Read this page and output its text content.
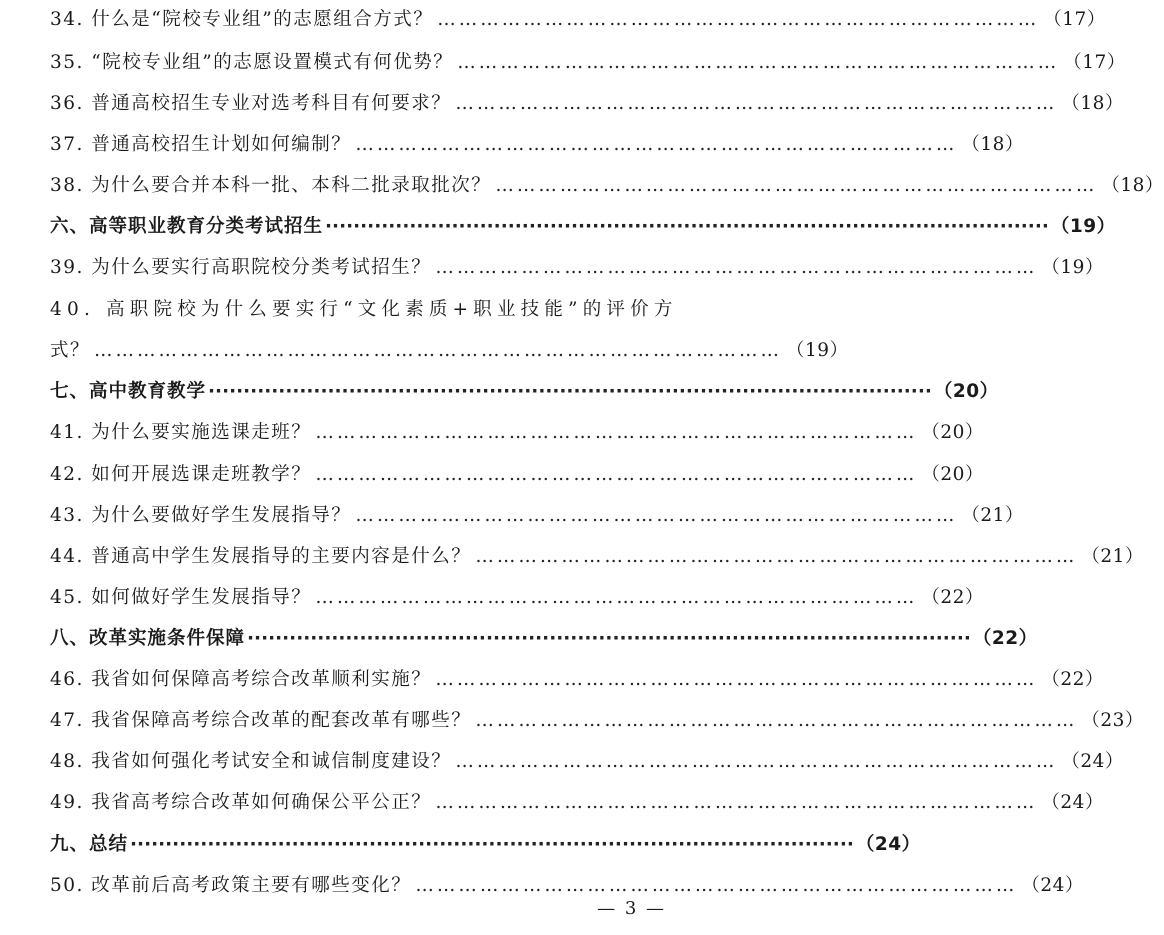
34. 什么是“院校专业组”的志愿组合方式？ ………………………………………………………………………… （17）
35. “院校专业组”的志愿设置模式有何优势？ ………………………………………………………………………… （17）
36. 普通高校招生专业对选考科目有何要求？ ………………………………………………………………………… （18）
37. 普通高校招生计划如何编制？ ………………………………………………………………………… （18）
38. 为什么要合并本科一批、本科二批录取批次？ ………………………………………………………………………… （18）
六、高等职业教育分类考试招生 ······································································································· （19）
39. 为什么要实行高职院校分类考试招生？ ………………………………………………………………………… （19）
40. 高职院校为什么要实行“文化素质+职业技能”的评价方
式？ …………………………………………………………………………………… （19）
七、高中教育教学 ······································································································· （20）
41. 为什么要实施选课走班？ ………………………………………………………………………… （20）
42. 如何开展选课走班教学？ ………………………………………………………………………… （20）
43. 为什么要做好学生发展指导？ ………………………………………………………………………… （21）
44. 普通高中学生发展指导的主要内容是什么？ ………………………………………………………………………… （21）
45. 如何做好学生发展指导？ ………………………………………………………………………… （22）
八、改革实施条件保障 ······································································································· （22）
46. 我省如何保障高考综合改革顺利实施？ ………………………………………………………………………… （22）
47. 我省保障高考综合改革的配套改革有哪些？ ………………………………………………………………………… （23）
48. 我省如何强化考试安全和诚信制度建设？ ………………………………………………………………………… （24）
49. 我省高考综合改革如何确保公平公正？ ………………………………………………………………………… （24）
九、总结 ······································································································· （24）
50. 改革前后高考政策主要有哪些变化？ ………………………………………………………………………… （24）
— 3 —
